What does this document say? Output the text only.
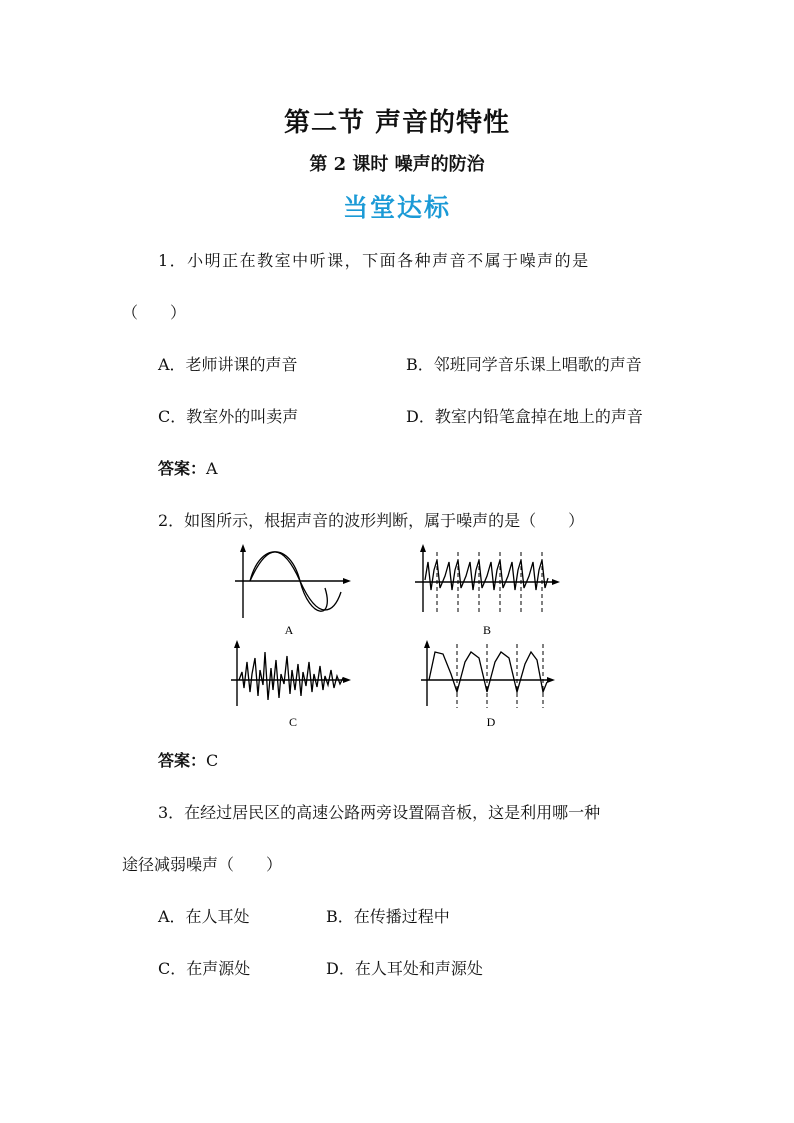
第二节 声音的特性
第 2 课时 噪声的防治
当堂达标
1．小明正在教室中听课，下面各种声音不属于噪声的是
（　　）
A．老师讲课的声音	B．邻班同学音乐课上唱歌的声音
C．教室外的叫卖声	D．教室内铅笔盒掉在地上的声音
答案：A
2．如图所示，根据声音的波形判断，属于噪声的是（　　）
A	B
C	D
答案：C
3．在经过居民区的高速公路两旁设置隔音板，这是利用哪一种
途径减弱噪声（　　）
A．在人耳处	B．在传播过程中
C．在声源处	D．在人耳处和声源处
